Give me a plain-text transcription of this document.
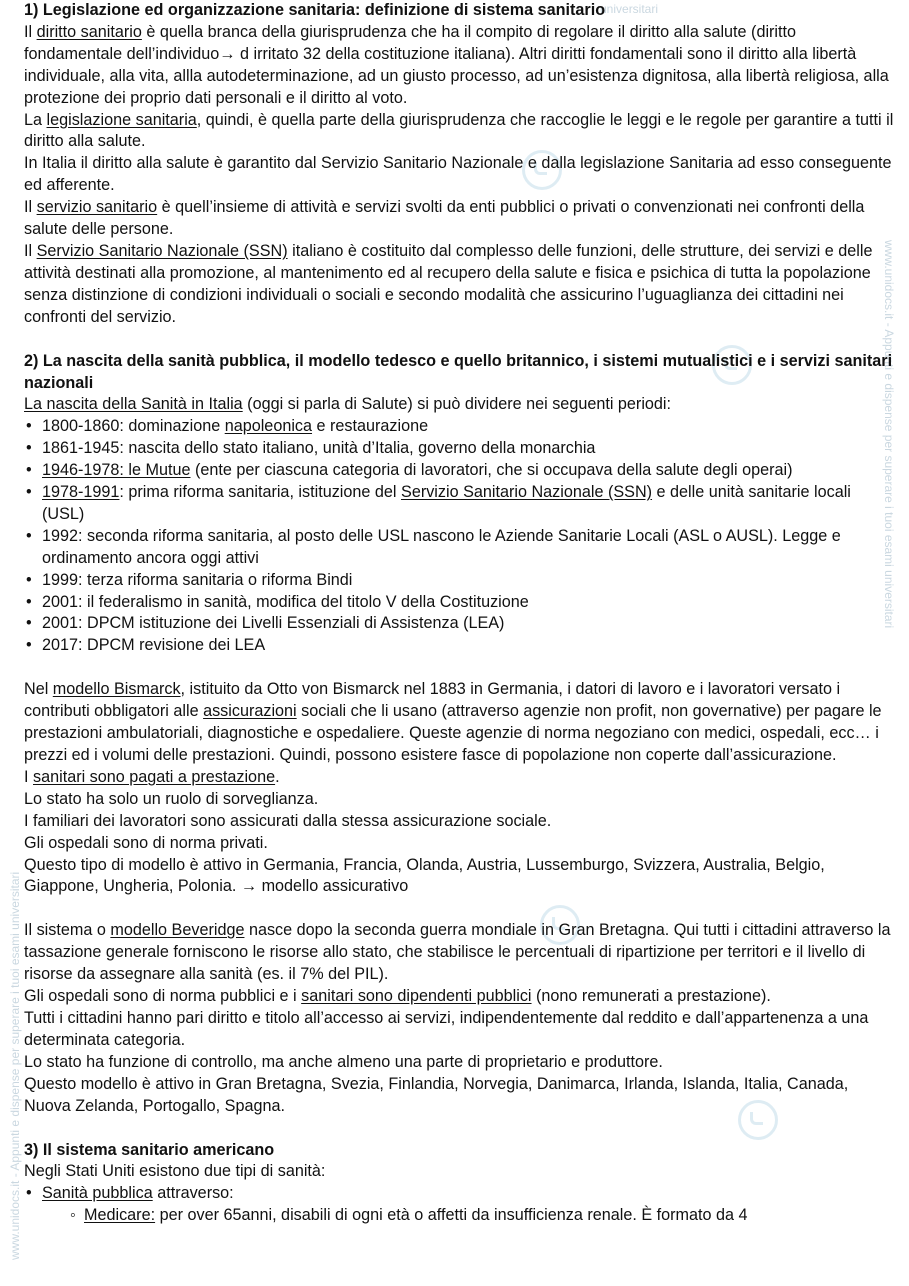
www.unidocs.it - Appunti e dispense per superare i tuoi esami universitari
www.unidocs.it - Appunti e dispense per superare i tuoi esami universitari
universitari

1) Legislazione ed organizzazione sanitaria: definizione di sistema sanitario

Il diritto sanitario è quella branca della giurisprudenza che ha il compito di regolare il diritto alla salute (diritto fondamentale dell’individuo→ d irritato 32 della costituzione italiana). Altri diritti fondamentali sono il diritto alla libertà individuale, alla vita, allla autodeterminazione, ad un giusto processo, ad un’esistenza dignitosa, alla libertà religiosa, alla protezione dei proprio dati personali e il diritto al voto.

La legislazione sanitaria, quindi, è quella parte della giurisprudenza che raccoglie le leggi e le regole per garantire a tutti il diritto alla salute.

In Italia il diritto alla salute è garantito dal Servizio Sanitario Nazionale e dalla legislazione Sanitaria ad esso conseguente ed afferente.

Il servizio sanitario è quell’insieme di attività e servizi svolti da enti pubblici o privati o convenzionati nei confronti della salute delle persone.

Il Servizio Sanitario Nazionale (SSN) italiano è costituito dal complesso delle funzioni, delle strutture, dei servizi e delle attività destinati alla promozione, al mantenimento ed al recupero della salute e fisica e psichica di tutta la popolazione senza distinzione di condizioni individuali o sociali e secondo modalità che assicurino l’uguaglianza dei cittadini nei confronti del servizio.

2) La nascita della sanità pubblica, il modello tedesco e quello britannico, i sistemi mutualistici e i servizi sanitari nazionali

La nascita della Sanità in Italia (oggi si parla di Salute) si può dividere nei seguenti periodi:

• 1800-1860: dominazione napoleonica e restaurazione
• 1861-1945: nascita dello stato italiano, unità d’Italia, governo della monarchia
• 1946-1978: le Mutue (ente per ciascuna categoria di lavoratori, che si occupava della salute degli operai)
• 1978-1991: prima riforma sanitaria, istituzione del Servizio Sanitario Nazionale (SSN) e delle unità sanitarie locali (USL)
• 1992: seconda riforma sanitaria, al posto delle USL nascono le Aziende Sanitarie Locali (ASL o AUSL). Legge e ordinamento ancora oggi attivi
• 1999: terza riforma sanitaria o riforma Bindi
• 2001: il federalismo in sanità, modifica del titolo V della Costituzione
• 2001: DPCM istituzione dei Livelli Essenziali di Assistenza (LEA)
• 2017: DPCM revisione dei LEA

Nel modello Bismarck, istituito da Otto von Bismarck nel 1883 in Germania, i datori di lavoro e i lavoratori versato i contributi obbligatori alle assicurazioni sociali che li usano (attraverso agenzie non profit, non governative) per pagare le prestazioni ambulatoriali, diagnostiche e ospedaliere. Queste agenzie di norma negoziano con medici, ospedali, ecc… i prezzi ed i volumi delle prestazioni. Quindi, possono esistere fasce di popolazione non coperte dall’assicurazione.

I sanitari sono pagati a prestazione.

Lo stato ha solo un ruolo di sorveglianza.

I familiari dei lavoratori sono assicurati dalla stessa assicurazione sociale.

Gli ospedali sono di norma privati.

Questo tipo di modello è attivo in Germania, Francia, Olanda, Austria, Lussemburgo, Svizzera, Australia, Belgio, Giappone, Ungheria, Polonia. → modello assicurativo

Il sistema o modello Beveridge nasce dopo la seconda guerra mondiale in Gran Bretagna. Qui tutti i cittadini attraverso la tassazione generale forniscono le risorse allo stato, che stabilisce le percentuali di ripartizione per territori e il livello di risorse da assegnare alla sanità (es. il 7% del PIL).

Gli ospedali sono di norma pubblici e i sanitari sono dipendenti pubblici (nono remunerati a prestazione).

Tutti i cittadini hanno pari diritto e titolo all’accesso ai servizi, indipendentemente dal reddito e dall’appartenenza a una determinata categoria.

Lo stato ha funzione di controllo, ma anche almeno una parte di proprietario e produttore.

Questo modello è attivo in Gran Bretagna, Svezia, Finlandia, Norvegia, Danimarca, Irlanda, Islanda, Italia, Canada, Nuova Zelanda, Portogallo, Spagna.

3) Il sistema sanitario americano

Negli Stati Uniti esistono due tipi di sanità:

• Sanità pubblica attraverso:
◦ Medicare: per over 65anni, disabili di ogni età o affetti da insufficienza renale. È formato da 4
